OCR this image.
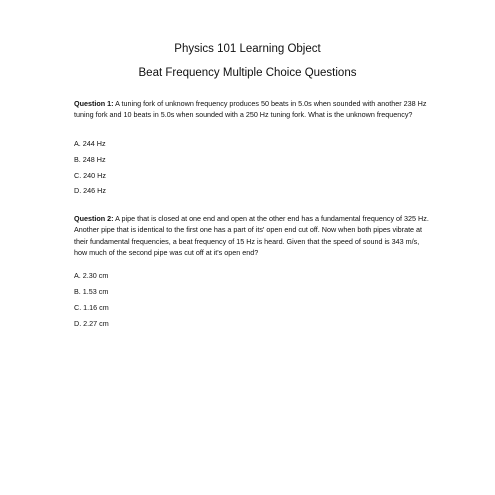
Physics 101 Learning Object
Beat Frequency Multiple Choice Questions

Question 1: A tuning fork of unknown frequency produces 50 beats in 5.0s when sounded with another 238 Hz tuning fork and 10 beats in 5.0s when sounded with a 250 Hz tuning fork. What is the unknown frequency?

A. 244 Hz

B. 248 Hz

C. 240 Hz

D. 246 Hz

Question 2: A pipe that is closed at one end and open at the other end has a fundamental frequency of 325 Hz. Another pipe that is identical to the first one has a part of its' open end cut off. Now when both pipes vibrate at their fundamental frequencies, a beat frequency of 15 Hz is heard. Given that the speed of sound is 343 m/s, how much of the second pipe was cut off at it's open end?

A. 2.30 cm

B. 1.53 cm

C. 1.16 cm

D. 2.27 cm
